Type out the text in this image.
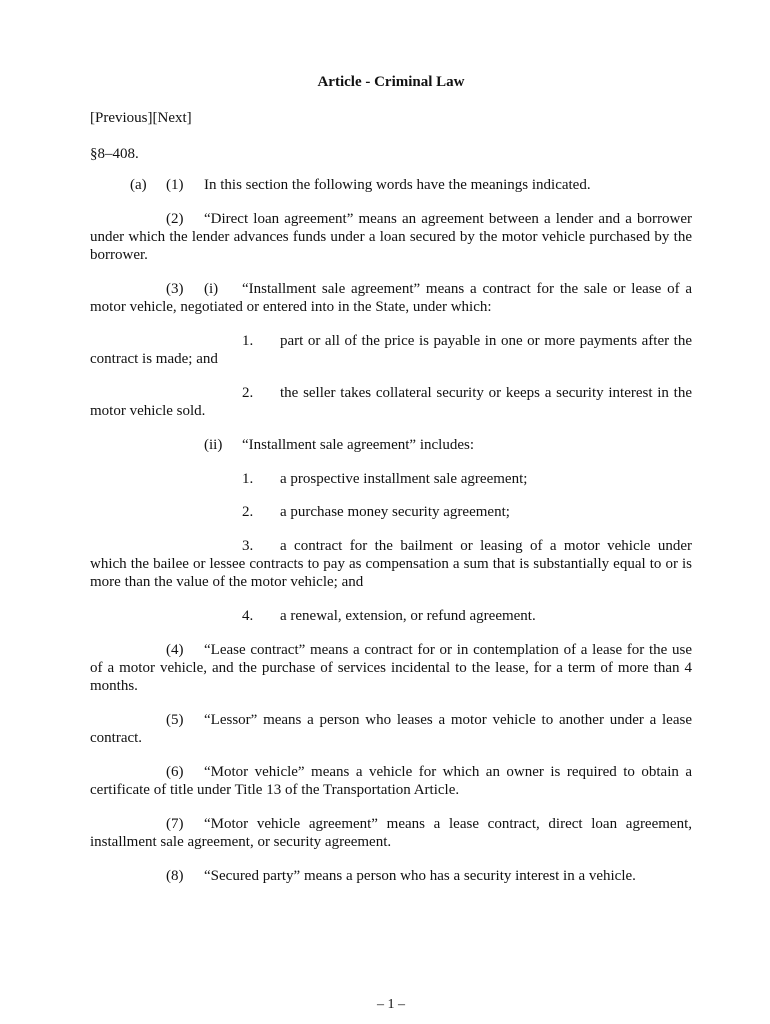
Article - Criminal Law
[Previous][Next]
§8–408.
(a) (1) In this section the following words have the meanings indicated.
(2) “Direct loan agreement” means an agreement between a lender and a borrower under which the lender advances funds under a loan secured by the motor vehicle purchased by the borrower.
(3) (i) “Installment sale agreement” means a contract for the sale or lease of a motor vehicle, negotiated or entered into in the State, under which:
1. part or all of the price is payable in one or more payments after the contract is made; and
2. the seller takes collateral security or keeps a security interest in the motor vehicle sold.
(ii) “Installment sale agreement” includes:
1. a prospective installment sale agreement;
2. a purchase money security agreement;
3. a contract for the bailment or leasing of a motor vehicle under which the bailee or lessee contracts to pay as compensation a sum that is substantially equal to or is more than the value of the motor vehicle; and
4. a renewal, extension, or refund agreement.
(4) “Lease contract” means a contract for or in contemplation of a lease for the use of a motor vehicle, and the purchase of services incidental to the lease, for a term of more than 4 months.
(5) “Lessor” means a person who leases a motor vehicle to another under a lease contract.
(6) “Motor vehicle” means a vehicle for which an owner is required to obtain a certificate of title under Title 13 of the Transportation Article.
(7) “Motor vehicle agreement” means a lease contract, direct loan agreement, installment sale agreement, or security agreement.
(8) “Secured party” means a person who has a security interest in a vehicle.
– 1 –
